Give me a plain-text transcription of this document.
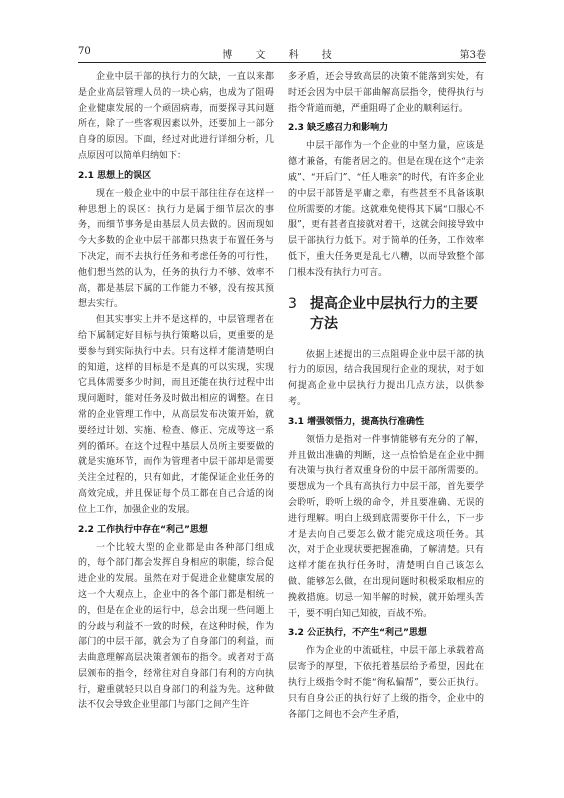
70	博 文 科 技	第3卷

企业中层干部的执行力的欠缺，一直以来都是企业高层管理人员的一块心病，也成为了阻碍企业健康发展的一个顽固病毒，而要探寻其问题所在，除了一些客观因素以外，还要加上一部分自身的原因。下面，经过对此进行详细分析，几点原因可以简单归纳如下：

2.1 思想上的误区

现在一般企业中的中层干部往往存在这样一种思想上的误区：执行力是属于细节层次的事务，而细节事务是由基层人员去做的。因而现如今大多数的企业中层干部都只热衷于布置任务与下决定，而不去执行任务和考虑任务的可行性，他们想当然的认为，任务的执行力不够、效率不高，都是基层下属的工作能力不够，没有按其预想去实行。

但其实事实上并不是这样的，中层管理者在给下属制定好目标与执行策略以后，更重要的是要参与到实际执行中去。只有这样才能清楚明白的知道，这样的目标是不是真的可以实现，实现它具体需要多少时间，而且还能在执行过程中出现问题时，能对任务及时做出相应的调整。在日常的企业管理工作中，从高层发布决策开始，就要经过计划、实施、检查、修正、完成等这一系列的循环。在这个过程中基层人员所主要要做的就是实施环节，而作为管理者中层干部却是需要关注全过程的，只有如此，才能保证企业任务的高效完成，并且保证每个员工都在自己合适的岗位上工作，加强企业的发展。

2.2 工作执行中存在“利己”思想

一个比较大型的企业都是由各种部门组成的，每个部门都会发挥自身相应的职能，综合促进企业的发展。虽然在对于促进企业健康发展的这一个大观点上，企业中的各个部门都是相统一的，但是在企业的运行中，总会出现一些问题上的分歧与利益不一致的时候，在这种时候，作为部门的中层干部，就会为了自身部门的利益，而去曲意理解高层决策者颁布的指令。或者对于高层颁布的指令，经常往对自身部门有利的方向执行，避重就轻只以自身部门的利益为先。这种做法不仅会导致企业里部门与部门之间产生许

多矛盾，还会导致高层的决策不能落到实处，有时还会因为中层干部曲解高层指令，使得执行与指令背道而驰，严重阻碍了企业的顺利运行。

2.3 缺乏感召力和影响力

中层干部作为一个企业的中坚力量，应该是德才兼备，有能者居之的。但是在现在这个“走亲戚”、“开后门”、“任人唯亲”的时代，有许多企业的中层干部皆是平庸之辈，有些甚至不具备该职位所需要的才能。这就难免使得其下属“口服心不服”，更有甚者直接就对着干，这就会间接导致中层干部执行力低下。对于简单的任务，工作效率低下，重大任务更是乱七八糟，以而导致整个部门根本没有执行力可言。

3 提高企业中层执行力的主要方法

依据上述提出的三点阻碍企业中层干部的执行力的原因，结合我国现行企业的现状，对于如何提高企业中层执行力提出几点方法，以供参考。

3.1 增强领悟力，提高执行准确性

领悟力是指对一件事情能够有充分的了解，并且做出准确的判断，这一点恰恰是在企业中拥有决策与执行者双重身份的中层干部所需要的。要想成为一个具有高执行力中层干部，首先要学会聆听，聆听上级的命令，并且要准确、无误的进行理解。明白上级到底需要你干什么，下一步才是去向自己要怎么做才能完成这项任务。其次，对于企业现状要把握准确，了解清楚。只有这样才能在执行任务时，清楚明白自己该怎么做、能够怎么做，在出现问题时积极采取相应的挽救措施。切忌一知半解的时候，就开始埋头苦干，要不明白知己知彼，百战不殆。

3.2 公正执行，不产生“利己”思想

作为企业的中流砥柱，中层干部上承载着高层寄予的厚望，下依托着基层给予希望，因此在执行上级指令时不能“徇私偏帮”，要公正执行。只有自身公正的执行好了上级的指令，企业中的各部门之间也不会产生矛盾，
